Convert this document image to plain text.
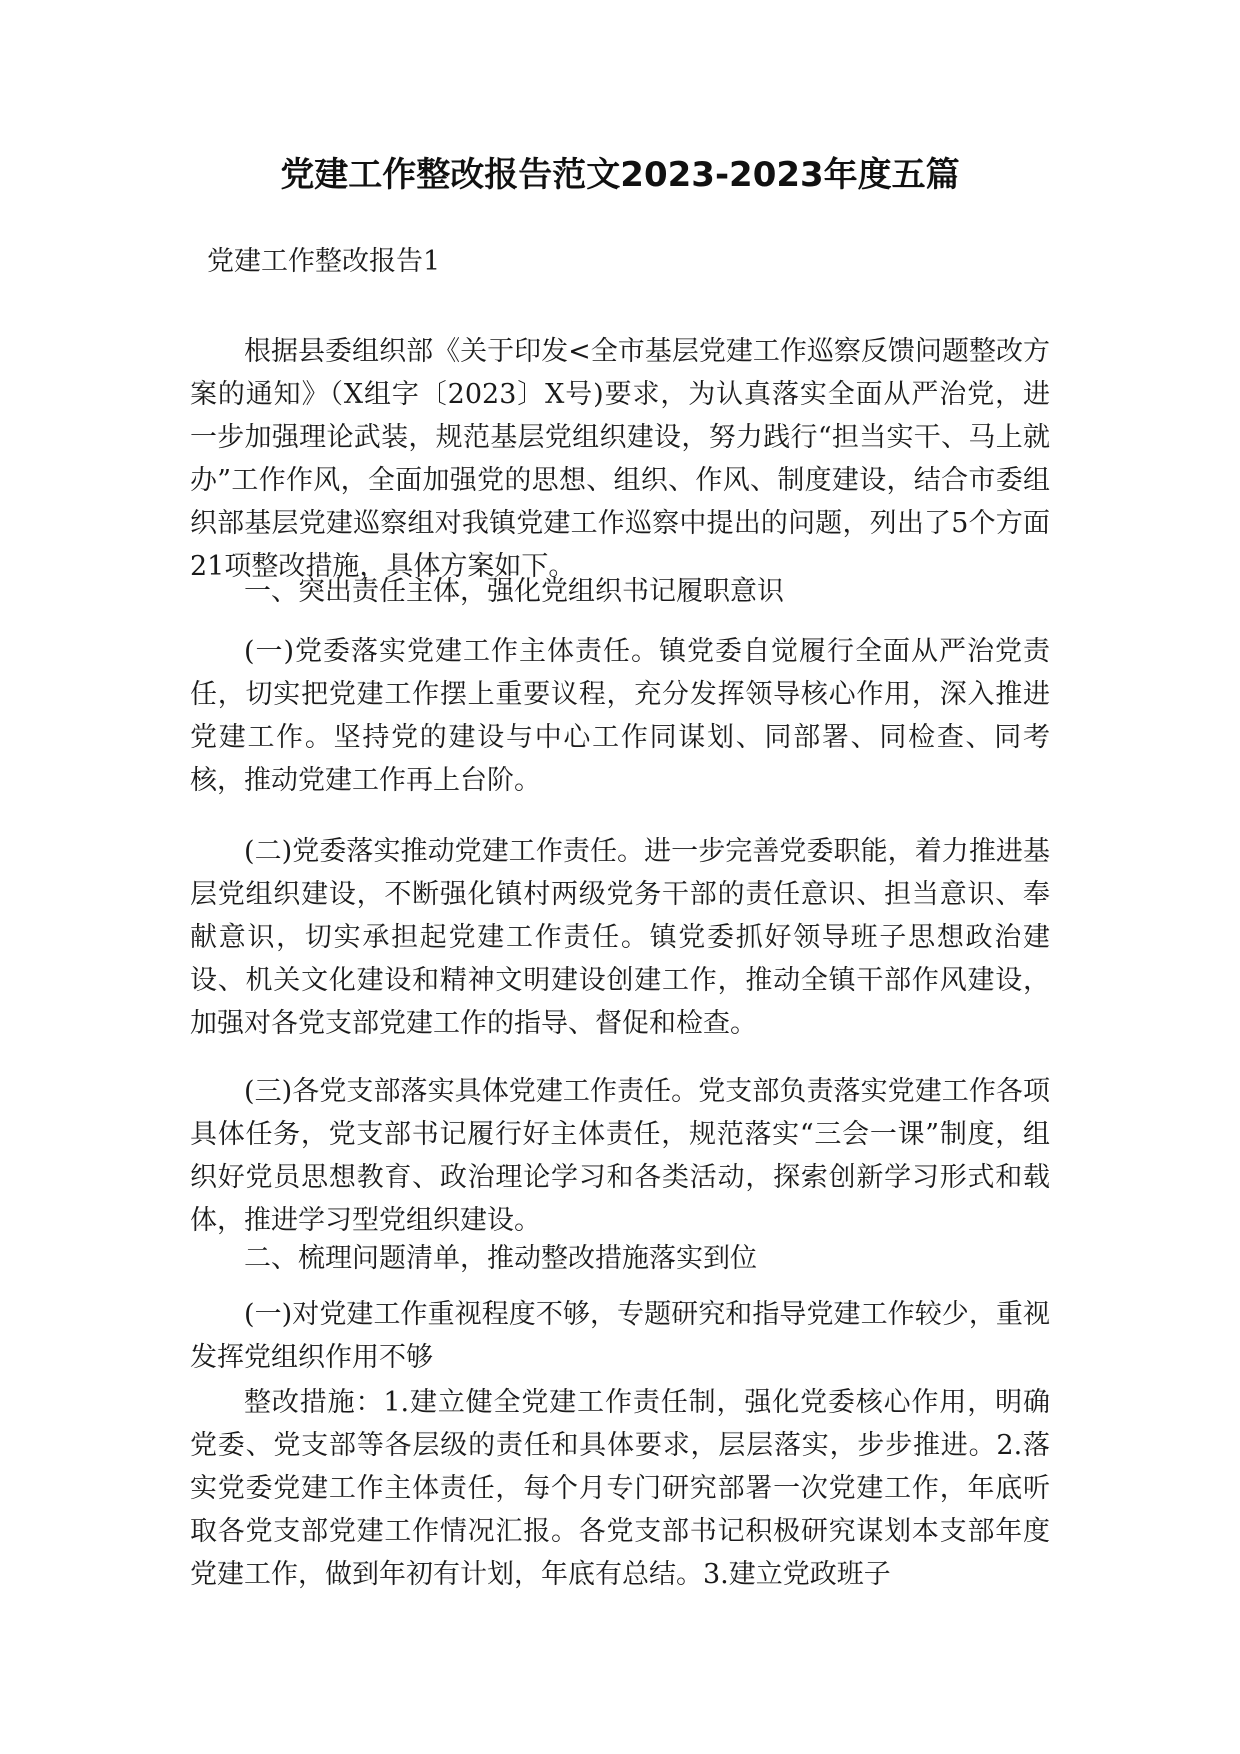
党建工作整改报告范文2023-2023年度五篇
党建工作整改报告1

根据县委组织部《关于印发<全市基层党建工作巡察反馈问题整改方案的通知》（X组字〔2023〕X号)要求，为认真落实全面从严治党，进一步加强理论武装，规范基层党组织建设，努力践行“担当实干、马上就办”工作作风，全面加强党的思想、组织、作风、制度建设，结合市委组织部基层党建巡察组对我镇党建工作巡察中提出的问题，列出了5个方面21项整改措施，具体方案如下。

一、突出责任主体，强化党组织书记履职意识

(一)党委落实党建工作主体责任。镇党委自觉履行全面从严治党责任，切实把党建工作摆上重要议程，充分发挥领导核心作用，深入推进党建工作。坚持党的建设与中心工作同谋划、同部署、同检查、同考核，推动党建工作再上台阶。

(二)党委落实推动党建工作责任。进一步完善党委职能，着力推进基层党组织建设，不断强化镇村两级党务干部的责任意识、担当意识、奉献意识，切实承担起党建工作责任。镇党委抓好领导班子思想政治建设、机关文化建设和精神文明建设创建工作，推动全镇干部作风建设，加强对各党支部党建工作的指导、督促和检查。

(三)各党支部落实具体党建工作责任。党支部负责落实党建工作各项具体任务，党支部书记履行好主体责任，规范落实“三会一课”制度，组织好党员思想教育、政治理论学习和各类活动，探索创新学习形式和载体，推进学习型党组织建设。

二、梳理问题清单，推动整改措施落实到位

(一)对党建工作重视程度不够，专题研究和指导党建工作较少，重视发挥党组织作用不够

整改措施：1.建立健全党建工作责任制，强化党委核心作用，明确党委、党支部等各层级的责任和具体要求，层层落实，步步推进。2.落实党委党建工作主体责任，每个月专门研究部署一次党建工作，年底听取各党支部党建工作情况汇报。各党支部书记积极研究谋划本支部年度党建工作，做到年初有计划，年底有总结。3.建立党政班子
